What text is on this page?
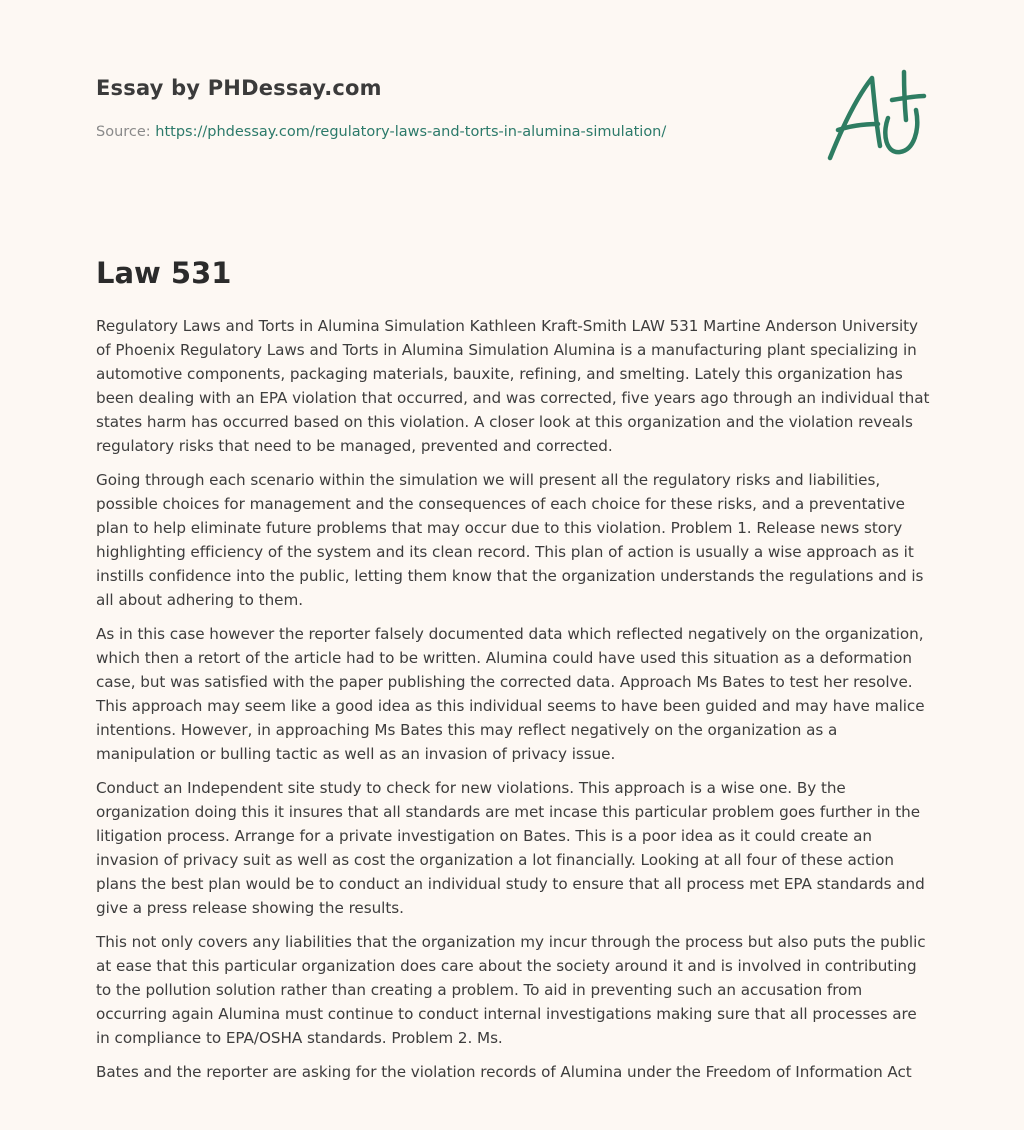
Essay by PHDessay.com
Source: https://phdessay.com/regulatory-laws-and-torts-in-alumina-simulation/
Law 531

Regulatory Laws and Torts in Alumina Simulation Kathleen Kraft-Smith LAW 531 Martine Anderson University of Phoenix Regulatory Laws and Torts in Alumina Simulation Alumina is a manufacturing plant specializing in automotive components, packaging materials, bauxite, refining, and smelting. Lately this organization has been dealing with an EPA violation that occurred, and was corrected, five years ago through an individual that states harm has occurred based on this violation. A closer look at this organization and the violation reveals regulatory risks that need to be managed, prevented and corrected.

Going through each scenario within the simulation we will present all the regulatory risks and liabilities, possible choices for management and the consequences of each choice for these risks, and a preventative plan to help eliminate future problems that may occur due to this violation. Problem 1. Release news story highlighting efficiency of the system and its clean record. This plan of action is usually a wise approach as it instills confidence into the public, letting them know that the organization understands the regulations and is all about adhering to them.

As in this case however the reporter falsely documented data which reflected negatively on the organization, which then a retort of the article had to be written. Alumina could have used this situation as a deformation case, but was satisfied with the paper publishing the corrected data. Approach Ms Bates to test her resolve. This approach may seem like a good idea as this individual seems to have been guided and may have malice intentions. However, in approaching Ms Bates this may reflect negatively on the organization as a manipulation or bulling tactic as well as an invasion of privacy issue.

Conduct an Independent site study to check for new violations. This approach is a wise one. By the organization doing this it insures that all standards are met incase this particular problem goes further in the litigation process. Arrange for a private investigation on Bates. This is a poor idea as it could create an invasion of privacy suit as well as cost the organization a lot financially. Looking at all four of these action plans the best plan would be to conduct an individual study to ensure that all process met EPA standards and give a press release showing the results.

This not only covers any liabilities that the organization my incur through the process but also puts the public at ease that this particular organization does care about the society around it and is involved in contributing to the pollution solution rather than creating a problem. To aid in preventing such an accusation from occurring again Alumina must continue to conduct internal investigations making sure that all processes are in compliance to EPA/OSHA standards. Problem 2. Ms.

Bates and the reporter are asking for the violation records of Alumina under the Freedom of Information Act
